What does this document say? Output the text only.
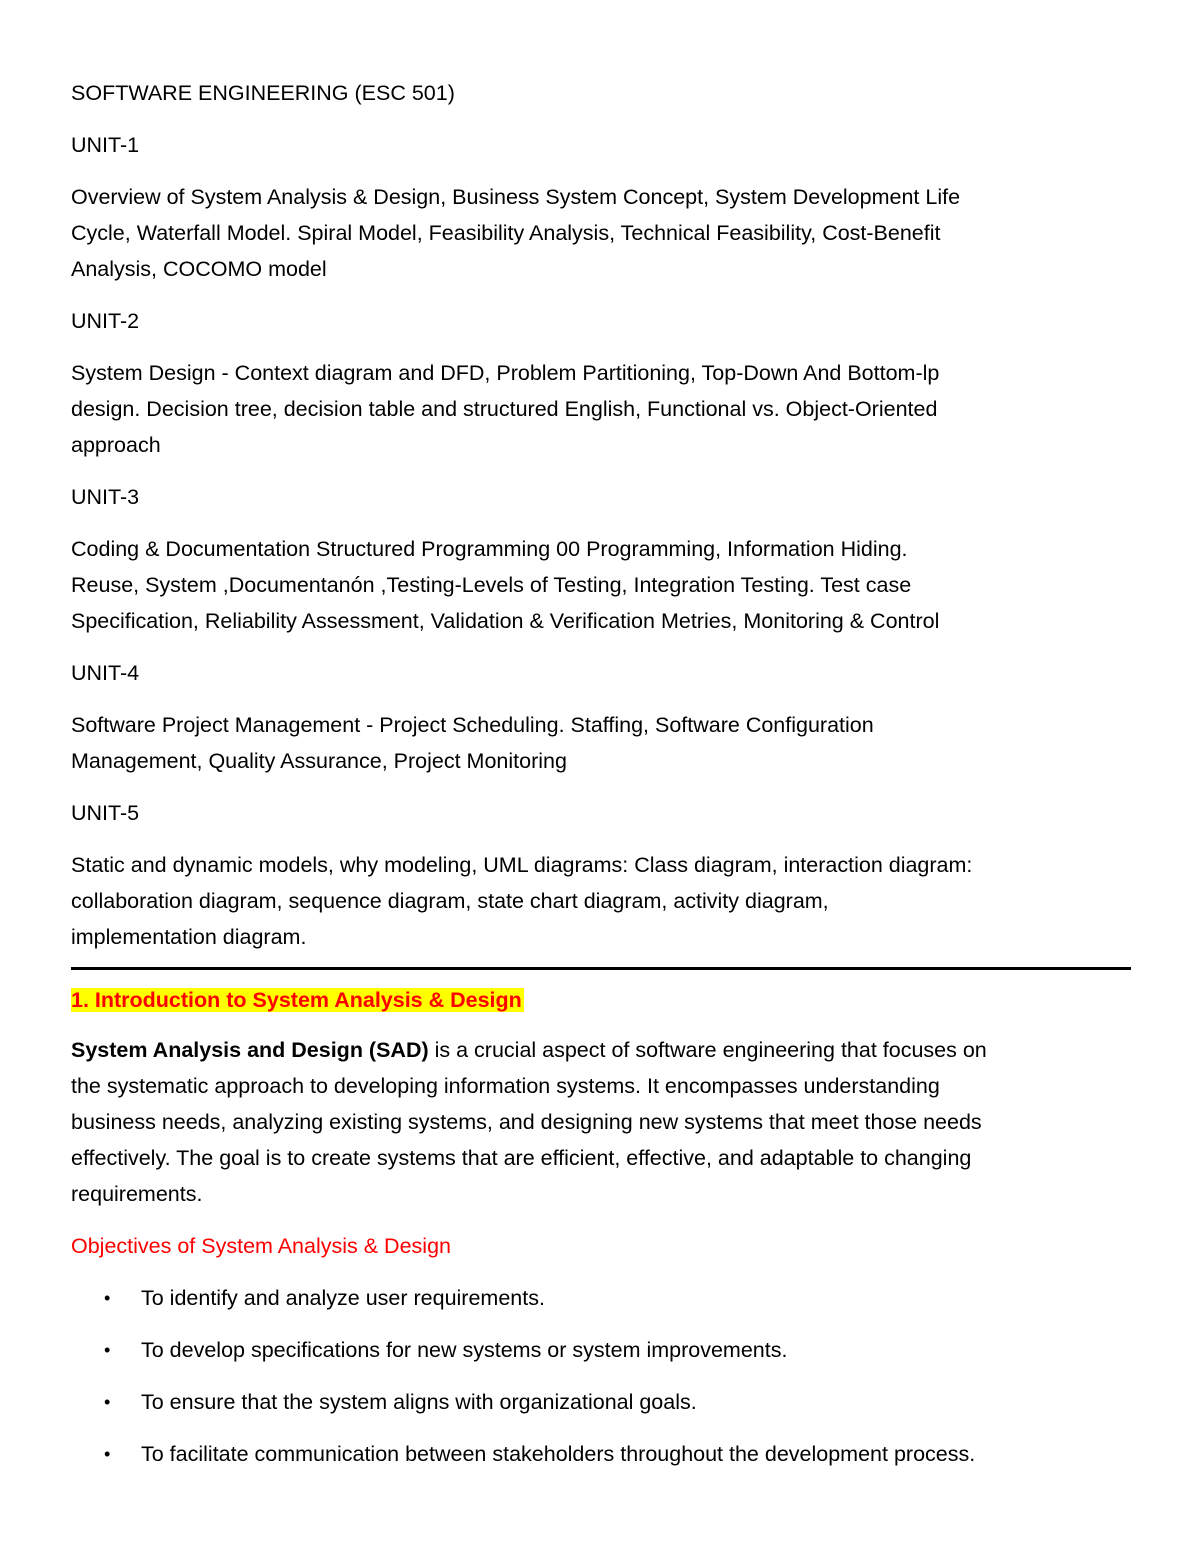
SOFTWARE ENGINEERING (ESC 501)
UNIT-1
Overview of System Analysis & Design, Business System Concept, System Development Life
Cycle, Waterfall Model. Spiral Model, Feasibility Analysis, Technical Feasibility, Cost-Benefit
Analysis, COCOMO model
UNIT-2
System Design - Context diagram and DFD, Problem Partitioning, Top-Down And Bottom-lp
design. Decision tree, decision table and structured English, Functional vs. Object-Oriented
approach
UNIT-3
Coding & Documentation Structured Programming 00 Programming, Information Hiding.
Reuse, System ,Documentanón ,Testing-Levels of Testing, Integration Testing. Test case
Specification, Reliability Assessment, Validation & Verification Metries, Monitoring & Control
UNIT-4
Software Project Management - Project Scheduling. Staffing, Software Configuration
Management, Quality Assurance, Project Monitoring
UNIT-5
Static and dynamic models, why modeling, UML diagrams: Class diagram, interaction diagram:
collaboration diagram, sequence diagram, state chart diagram, activity diagram,
implementation diagram.
1. Introduction to System Analysis & Design
System Analysis and Design (SAD) is a crucial aspect of software engineering that focuses on
the systematic approach to developing information systems. It encompasses understanding
business needs, analyzing existing systems, and designing new systems that meet those needs
effectively. The goal is to create systems that are efficient, effective, and adaptable to changing
requirements.
Objectives of System Analysis & Design
• To identify and analyze user requirements.
• To develop specifications for new systems or system improvements.
• To ensure that the system aligns with organizational goals.
• To facilitate communication between stakeholders throughout the development process.
